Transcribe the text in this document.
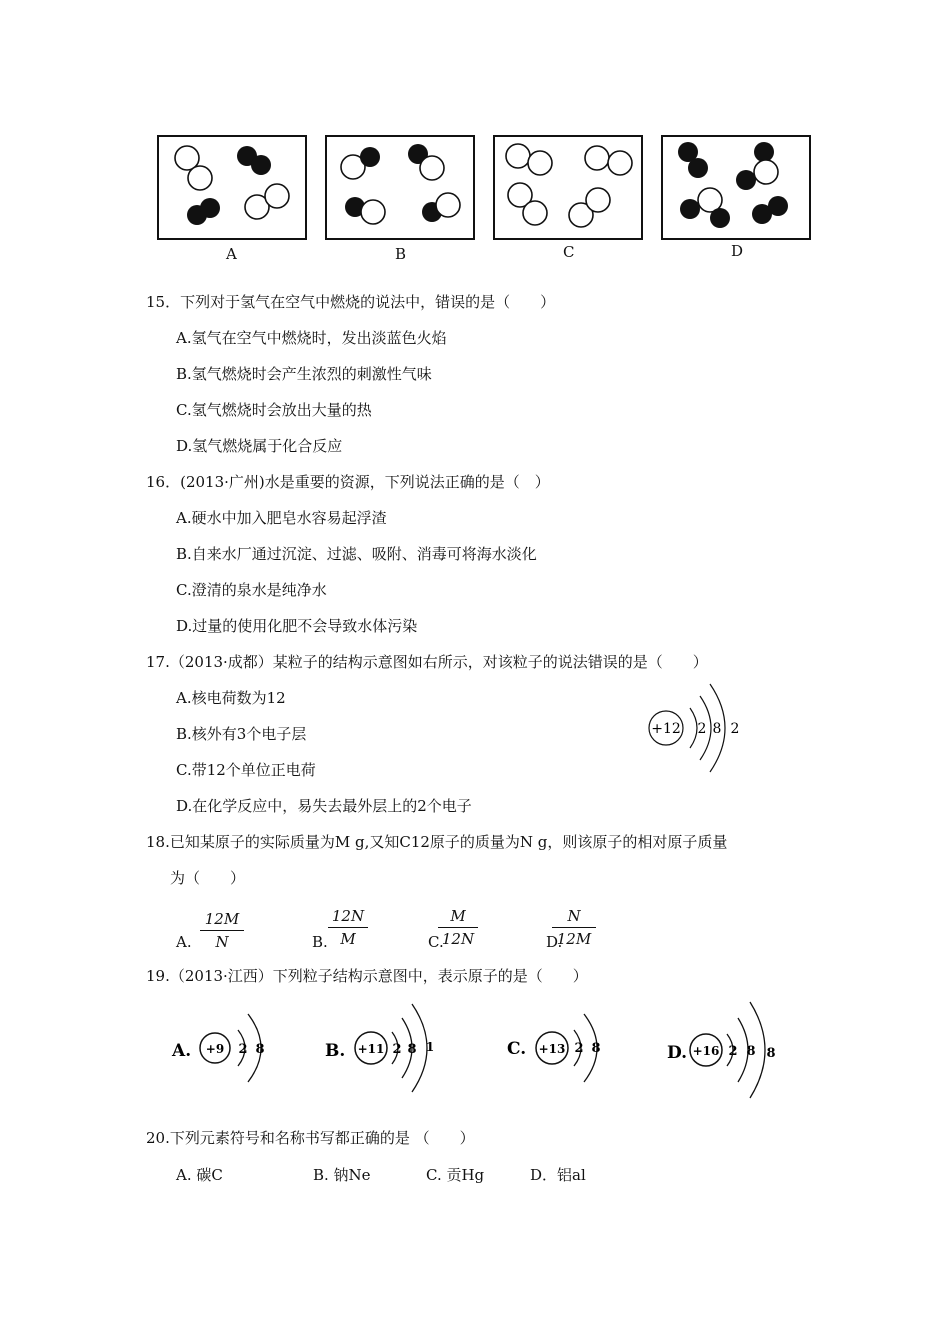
A	B	C	D
15．下列对于氢气在空气中燃烧的说法中，错误的是（　　）
A.氢气在空气中燃烧时，发出淡蓝色火焰
B.氢气燃烧时会产生浓烈的刺激性气味
C.氢气燃烧时会放出大量的热
D.氢气燃烧属于化合反应
16．(2013·广州)水是重要的资源，下列说法正确的是（　）
A.硬水中加入肥皂水容易起浮渣
B.自来水厂通过沉淀、过滤、吸附、消毒可将海水淡化
C.澄清的泉水是纯净水
D.过量的使用化肥不会导致水体污染
17.（2013·成都）某粒子的结构示意图如右所示，对该粒子的说法错误的是（　　）
A.核电荷数为12
B.核外有3个电子层
C.带12个单位正电荷
D.在化学反应中，易失去最外层上的2个电子
+12 2 8 2
18.已知某原子的实际质量为M g,又知C12原子的质量为N g，则该原子的相对原子质量
为（　　）
A.
12M
N	B.
12N
M	C.
M
12N	D.
N
12M
19.（2013·江西）下列粒子结构示意图中，表示原子的是（　　）
A. +9 2 8	B. +11 2 8 1	C. +13 2 8	D. +16 2 8 8
20.下列元素符号和名称书写都正确的是 （　　）
A. 碳C	B. 钠Ne	C. 贡Hg	D．铝al
